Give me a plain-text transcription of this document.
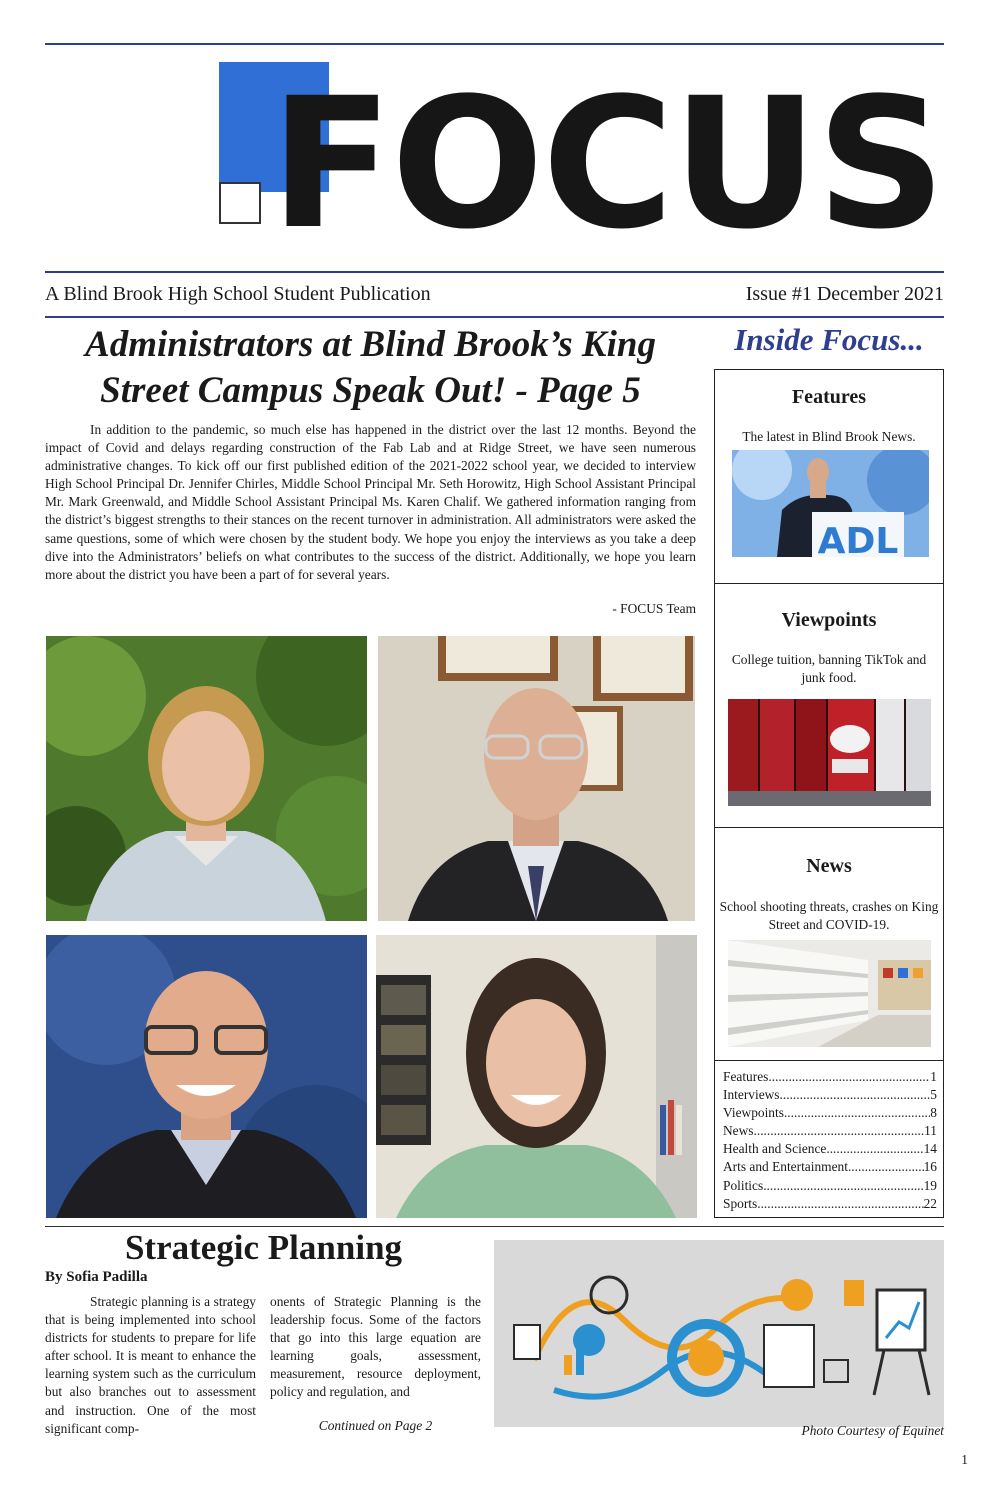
FOCUS
A Blind Brook High School Student Publication	Issue #1 December 2021
Administrators at Blind Brook’s King Street Campus Speak Out! - Page 5
In addition to the pandemic, so much else has happened in the district over the last 12 months. Beyond the impact of Covid and delays regarding construction of the Fab Lab and at Ridge Street, we have seen numerous administrative changes. To kick off our first published edition of the 2021-2022 school year, we decided to interview High School Principal Dr. Jennifer Chirles, Middle School Principal Mr. Seth Horowitz, High School Assistant Principal Mr. Mark Greenwald, and Middle School Assistant Principal Ms. Karen Chalif. We gathered information ranging from the district’s biggest strengths to their stances on the recent turnover in administration. All administrators were asked the same questions, some of which were chosen by the student body. We hope you enjoy the interviews as you take a deep dive into the Administrators’ beliefs on what contributes to the success of the district. Additionally, we hope you learn more about the district you have been a part of for several years.
- FOCUS Team
Inside Focus...
Features
The latest in Blind Brook News.
ADL
Viewpoints
College tuition, banning TikTok and junk food.
News
School shooting threats, crashes on King Street and COVID-19.
Features .....	1
Interviews .....	5
Viewpoints .....	8
News .....	11
Health and Science .....	14
Arts and Entertainment .....	16
Politics .....	19
Sports .....	22
Strategic Planning
By Sofia Padilla
Strategic planning is a strategy that is being implemented into school districts for students to prepare for life after school. It is meant to enhance the learning system such as the curriculum but also branches out to assessment and instruction. One of the most significant comp-
onents of Strategic Planning is the leadership focus. Some of the factors that go into this large equation are learning goals, assessment, measurement, resource deployment, policy and regulation, and
Continued on Page 2	Photo Courtesy of Equinet
1
